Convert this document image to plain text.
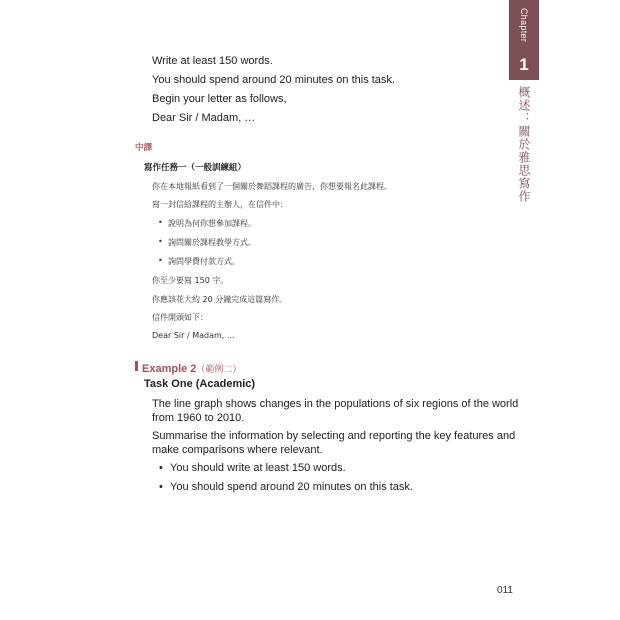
Chapter
1
概述：關於雅思寫作
Write at least 150 words.
You should spend around 20 minutes on this task.
Begin your letter as follows,
Dear Sir / Madam, …
中譯
寫作任務一（一般訓練組）
你在本地報紙看到了一個關於舞蹈課程的廣告，你想要報名此課程。
寫一封信給課程的主辦人，在信件中：
• 說明為何你想參加課程。
• 詢問關於課程教學方式。
• 詢問學費付款方式。
你至少要寫 150 字。
你應該花大約 20 分鐘完成這篇寫作。
信件開頭如下：
Dear Sir / Madam, ...
Example 2（範例二）
Task One (Academic)
The line graph shows changes in the populations of six regions of the world
from 1960 to 2010.
Summarise the information by selecting and reporting the key features and
make comparisons where relevant.
• You should write at least 150 words.
• You should spend around 20 minutes on this task.
011
